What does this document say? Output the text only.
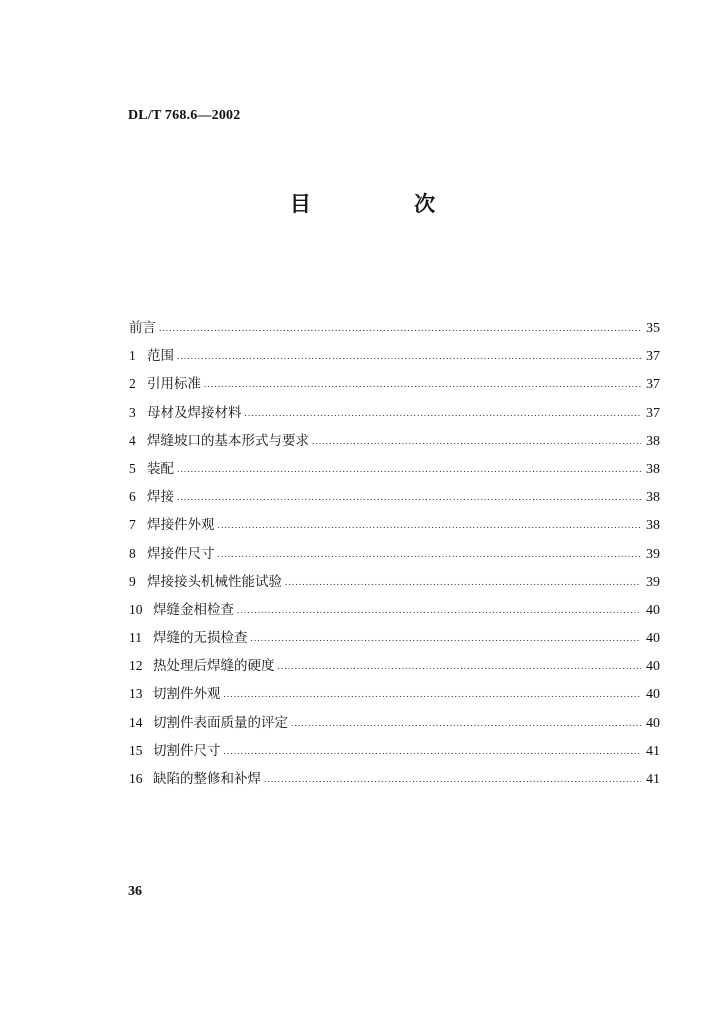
DL/T 768.6—2002
目 次
前言 .....	35
1 范围 .....	37
2 引用标准 .....	37
3 母材及焊接材料 .....	37
4 焊缝坡口的基本形式与要求 .....	38
5 装配 .....	38
6 焊接 .....	38
7 焊接件外观 .....	38
8 焊接件尺寸 .....	39
9 焊接接头机械性能试验 .....	39
10 焊缝金相检查 .....	40
11 焊缝的无损检查 .....	40
12 热处理后焊缝的硬度 .....	40
13 切割件外观 .....	40
14 切割件表面质量的评定 .....	40
15 切割件尺寸 .....	41
16 缺陷的整修和补焊 .....	41
36
